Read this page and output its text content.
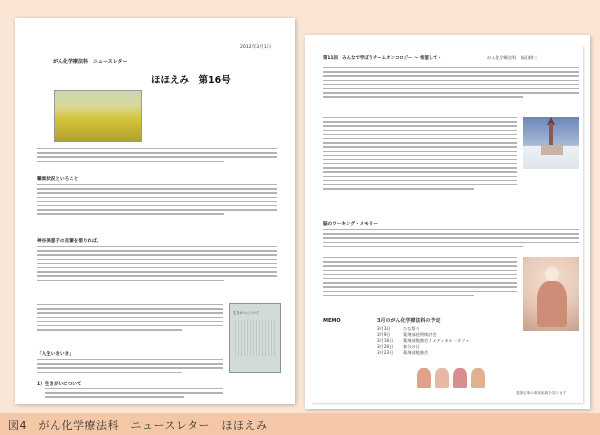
2012年3月1日
がん化学療法科　ニュースレター
ほほえみ　第16号
職員状況といろこと
神谷美恵子の言葉を借りれば、
「人生いきいき」
1）生きがいについて
生きがいについて
第11回　みんなで学ぼうチームオンコロジー ～ 希望して・	がん化学療法科　福田耕三
脳のワーキング・メモリー
MEMO	3月のがん化学療法科の予定
3月3日
3月9日
3月16日
3月20日
3月23日
ひな祭り
薬剤部症例検討会
薬剤部勉強会 / メディカル・カフェ
春分の日
薬剤部勉強会
感謝記事の事前転載を誤ります
図4　がん化学療法科　ニュースレター　ほほえみ
